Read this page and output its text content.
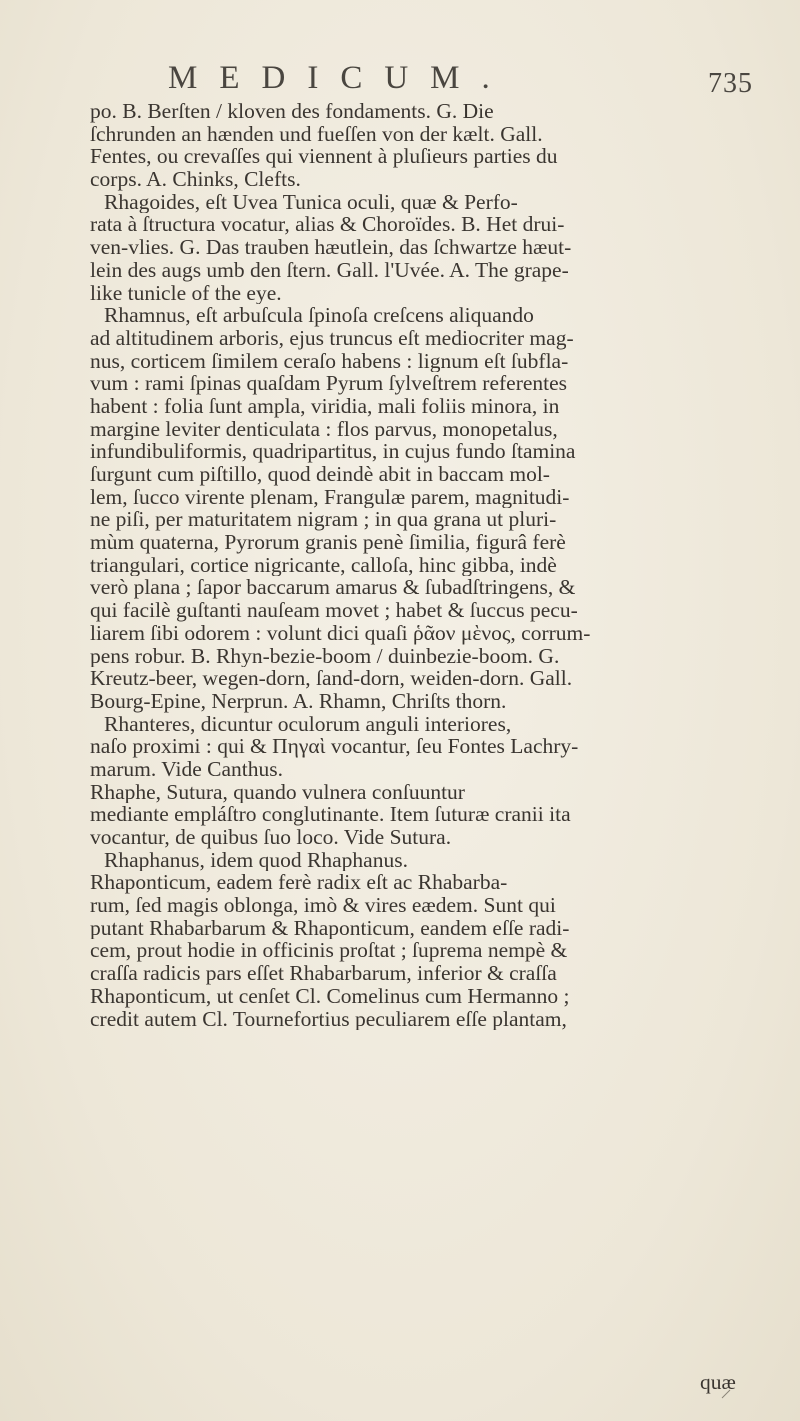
MEDICUM.	735
po. B. Berſten / kloven des fondaments. G. Die
ſchrunden an hænden und fueſſen von der kælt. Gall.
Fentes, ou crevaſſes qui viennent à pluſieurs parties du
corps. A. Chinks, Clefts.
Rhagoides, eſt Uvea Tunica oculi, quæ & Perfo-
rata à ſtructura vocatur, alias & Choroïdes. B. Het drui-
ven-vlies. G. Das trauben hæutlein, das ſchwartze hæut-
lein des augs umb den ſtern. Gall. l'Uvée. A. The grape-
like tunicle of the eye.
Rhamnus, eſt arbuſcula ſpinoſa creſcens aliquando
ad altitudinem arboris, ejus truncus eſt mediocriter mag-
nus, corticem ſimilem ceraſo habens : lignum eſt ſubfla-
vum : rami ſpinas quaſdam Pyrum ſylveſtrem referentes
habent : folia ſunt ampla, viridia, mali foliis minora, in
margine leviter denticulata : flos parvus, monopetalus,
infundibuliformis, quadripartitus, in cujus fundo ſtamina
ſurgunt cum piſtillo, quod deindè abit in baccam mol-
lem, ſucco virente plenam, Frangulæ parem, magnitudi-
ne piſi, per maturitatem nigram ; in qua grana ut pluri-
mùm quaterna, Pyrorum granis penè ſimilia, figurâ ferè
triangulari, cortice nigricante, calloſa, hinc gibba, indè
verò plana ; ſapor baccarum amarus & ſubadſtringens, &
qui facilè guſtanti nauſeam movet ; habet & ſuccus pecu-
liarem ſibi odorem : volunt dici quaſi ῥᾶον μὲνος, corrum-
pens robur. B. Rhyn-bezie-boom / duinbezie-boom. G.
Kreutz-beer, wegen-dorn, ſand-dorn, weiden-dorn. Gall.
Bourg-Epine, Nerprun. A. Rhamn, Chriſts thorn.
Rhanteres, dicuntur oculorum anguli interiores,
naſo proximi : qui & Πηγαὶ vocantur, ſeu Fontes Lachry-
marum. Vide Canthus.
Rhaphe, Sutura, quando vulnera conſuuntur
mediante empláſtro conglutinante. Item ſuturæ cranii ita
vocantur, de quibus ſuo loco. Vide Sutura.
Rhaphanus, idem quod Rhaphanus.
Rhaponticum, eadem ferè radix eſt ac Rhabarba-
rum, ſed magis oblonga, imò & vires eædem. Sunt qui
putant Rhabarbarum & Rhaponticum, eandem eſſe radi-
cem, prout hodie in officinis proſtat ; ſuprema nempè &
craſſa radicis pars eſſet Rhabarbarum, inferior & craſſa
Rhaponticum, ut cenſet Cl. Comelinus cum Hermanno ;
credit autem Cl. Tournefortius peculiarem eſſe plantam,
quæ
